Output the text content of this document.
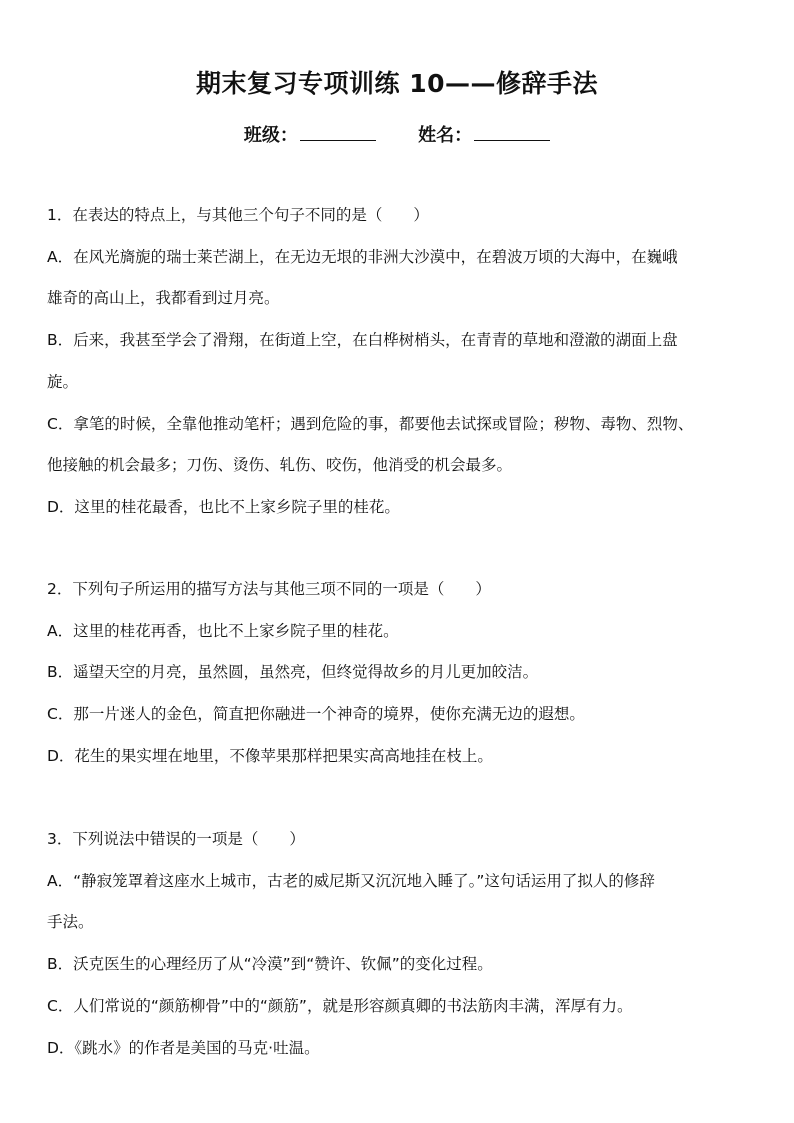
期末复习专项训练 10——修辞手法
班级：	姓名：
1．在表达的特点上，与其他三个句子不同的是（　　）
A．在风光旖旎的瑞士莱芒湖上，在无边无垠的非洲大沙漠中，在碧波万顷的大海中，在巍峨
雄奇的高山上，我都看到过月亮。
B．后来，我甚至学会了滑翔，在街道上空，在白桦树梢头，在青青的草地和澄澈的湖面上盘
旋。
C．拿笔的时候，全靠他推动笔杆；遇到危险的事，都要他去试探或冒险；秽物、毒物、烈物、
他接触的机会最多；刀伤、烫伤、轧伤、咬伤，他消受的机会最多。
D．这里的桂花最香，也比不上家乡院子里的桂花。
2．下列句子所运用的描写方法与其他三项不同的一项是（　　）
A．这里的桂花再香，也比不上家乡院子里的桂花。
B．遥望天空的月亮，虽然圆，虽然亮，但终觉得故乡的月儿更加皎洁。
C．那一片迷人的金色，简直把你融进一个神奇的境界，使你充满无边的遐想。
D．花生的果实埋在地里，不像苹果那样把果实高高地挂在枝上。
3．下列说法中错误的一项是（　　）
A．“静寂笼罩着这座水上城市，古老的威尼斯又沉沉地入睡了。”这句话运用了拟人的修辞
手法。
B．沃克医生的心理经历了从“冷漠”到“赞许、钦佩”的变化过程。
C．人们常说的“颜筋柳骨”中的“颜筋”，就是形容颜真卿的书法筋肉丰满，浑厚有力。
D．《跳水》的作者是美国的马克·吐温。
